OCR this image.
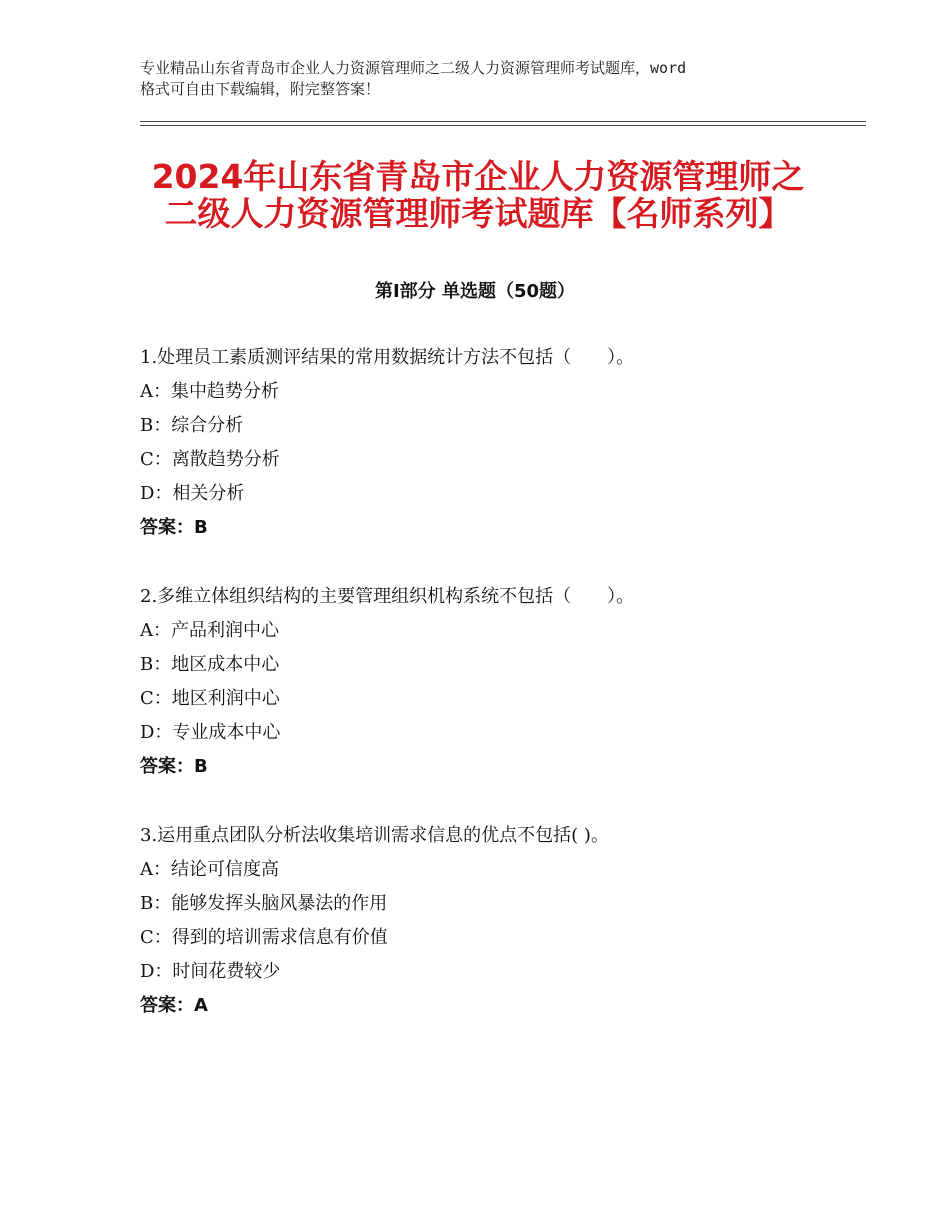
专业精品山东省青岛市企业人力资源管理师之二级人力资源管理师考试题库，word
格式可自由下载编辑，附完整答案！
2024年山东省青岛市企业人力资源管理师之
二级人力资源管理师考试题库【名师系列】
第Ⅰ部分 单选题（50题）
1.处理员工素质测评结果的常用数据统计方法不包括（　　）。
A：集中趋势分析
B：综合分析
C：离散趋势分析
D：相关分析
答案：B
2.多维立体组织结构的主要管理组织机构系统不包括（　　）。
A：产品利润中心
B：地区成本中心
C：地区利润中心
D：专业成本中心
答案：B
3.运用重点团队分析法收集培训需求信息的优点不包括( )。
A：结论可信度高
B：能够发挥头脑风暴法的作用
C：得到的培训需求信息有价值
D：时间花费较少
答案：A
